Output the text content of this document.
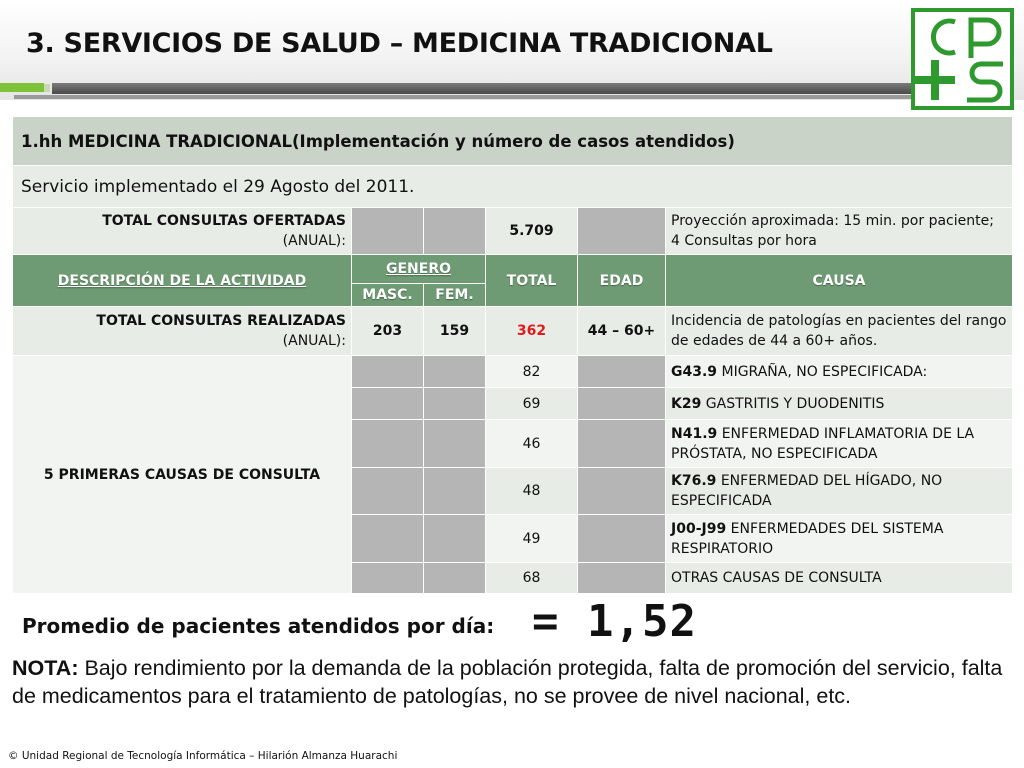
3. SERVICIOS DE SALUD – MEDICINA TRADICIONAL
1.hh MEDICINA TRADICIONAL(Implementación y número de casos atendidos)					
Servicio implementado el 29 Agosto del 2011.					
TOTAL CONSULTAS OFERTADAS
(ANUAL):			5.709		Proyección aproximada: 15 min. por paciente; 4 Consultas por hora
DESCRIPCIÓN DE LA ACTIVIDAD	GENERO		TOTAL	EDAD	CAUSA
	MASC.	FEM.			
TOTAL CONSULTAS REALIZADAS
(ANUAL):	203	159	362	44 – 60+	Incidencia de patologías en pacientes del rango de edades de 44 a 60+ años.
5 PRIMERAS CAUSAS DE CONSULTA			82		G43.9 MIGRAÑA, NO ESPECIFICADA:
			69		K29 GASTRITIS Y DUODENITIS
			46		N41.9 ENFERMEDAD INFLAMATORIA DE LA PRÓSTATA, NO ESPECIFICADA
			48		K76.9 ENFERMEDAD DEL HÍGADO, NO ESPECIFICADA
			49		J00-J99 ENFERMEDADES DEL SISTEMA RESPIRATORIO
			68		OTRAS CAUSAS DE CONSULTA
Promedio de pacientes atendidos por día: = 1,52
NOTA: Bajo rendimiento por la demanda de la población protegida, falta de promoción del servicio, falta de medicamentos para el tratamiento de patologías, no se provee de nivel nacional, etc.
© Unidad Regional de Tecnología Informática – Hilarión Almanza Huarachi
